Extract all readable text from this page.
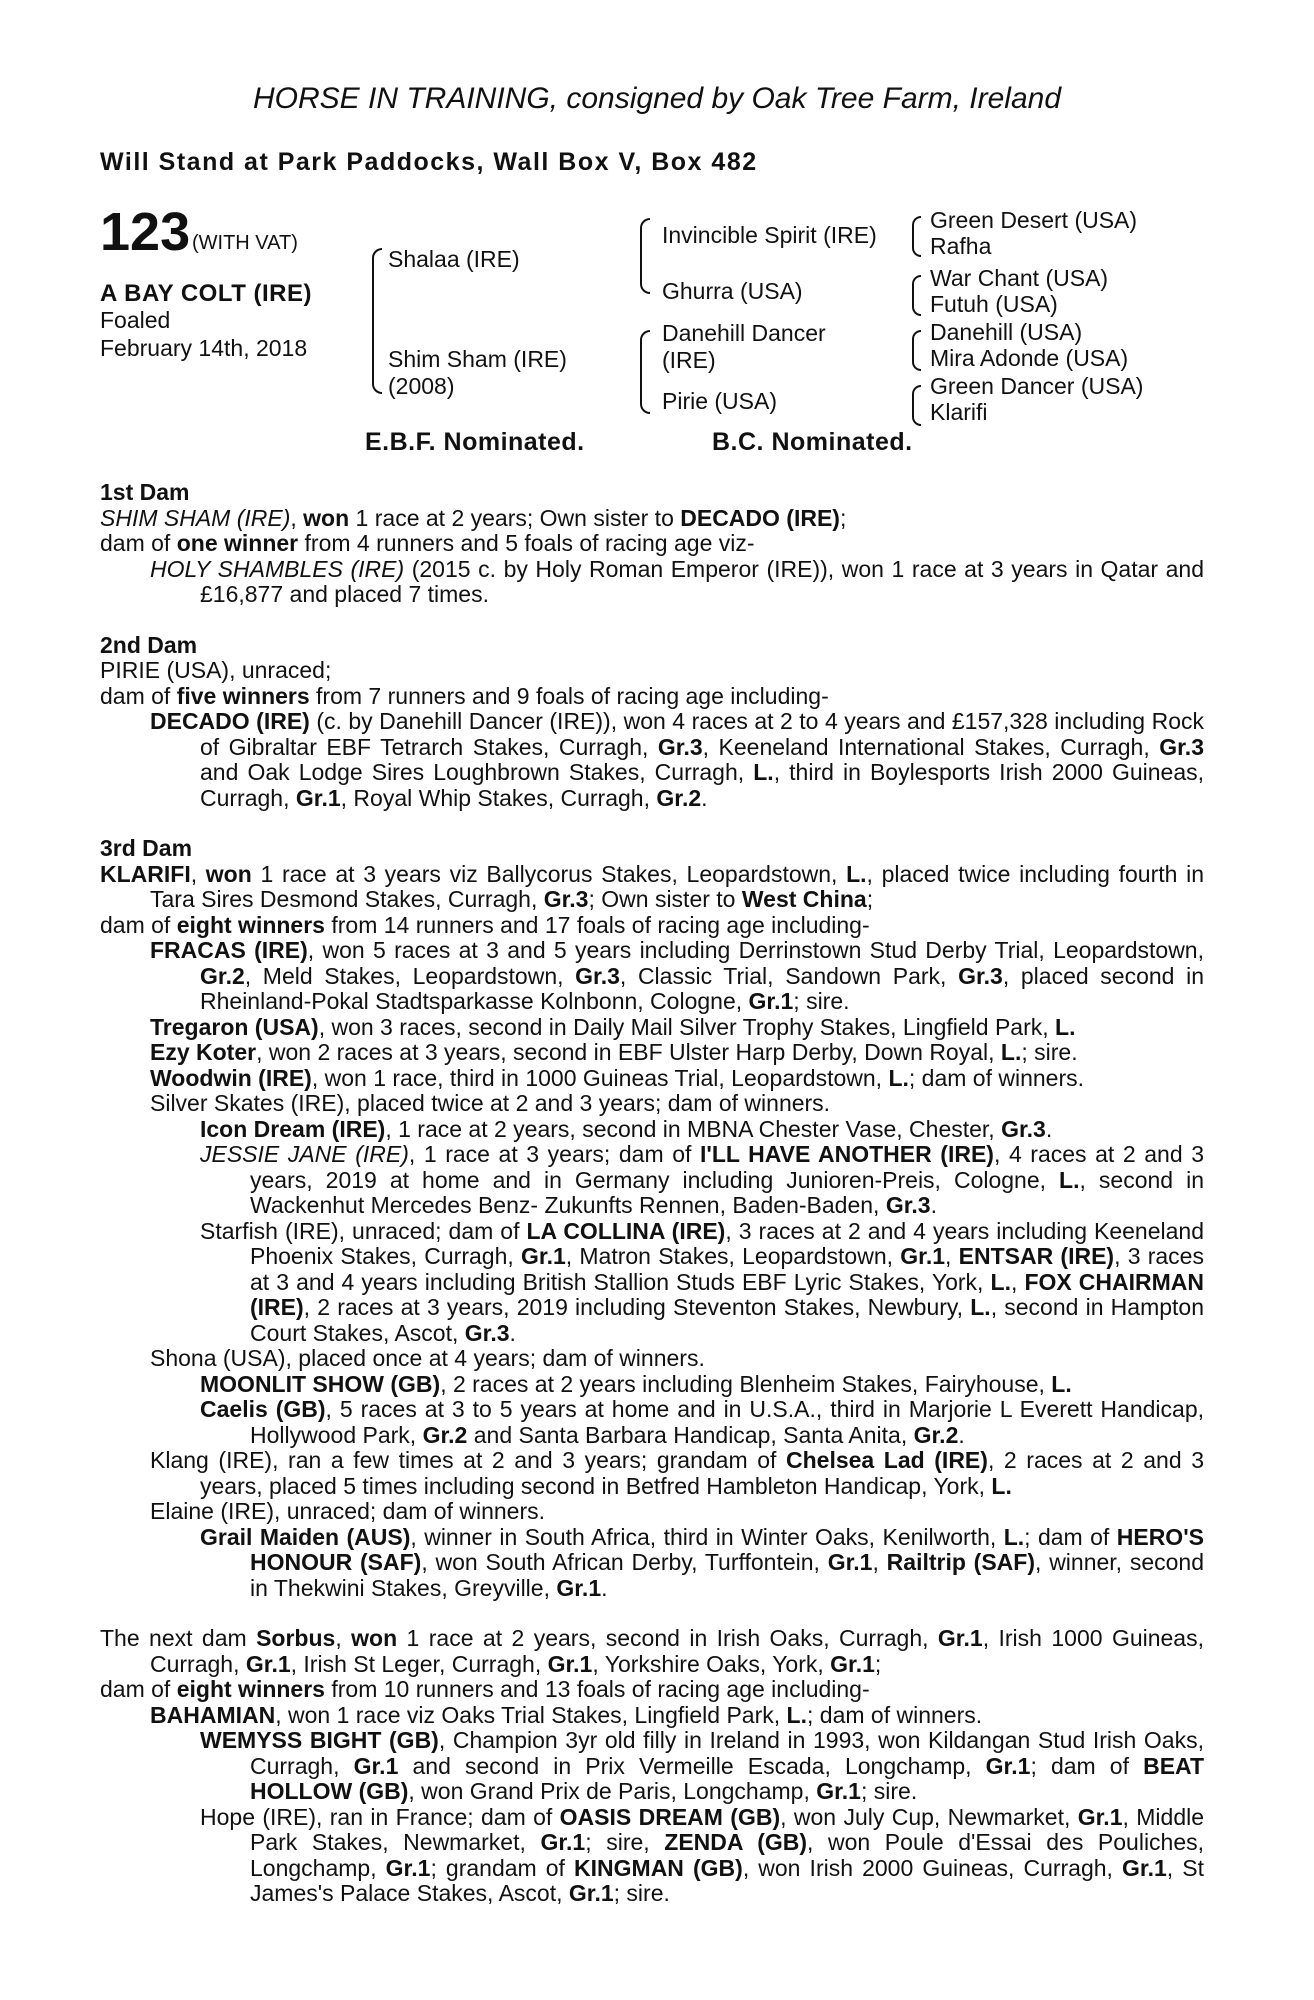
HORSE IN TRAINING, consigned by Oak Tree Farm, Ireland
Will Stand at Park Paddocks, Wall Box V, Box 482
123 (WITH VAT)
A BAY COLT (IRE)
Foaled
February 14th, 2018
Shalaa (IRE)
Shim Sham (IRE)
(2008)
Invincible Spirit (IRE)
Ghurra (USA)
Danehill Dancer
(IRE)
Pirie (USA)
Green Desert (USA)
Rafha
War Chant (USA)
Futuh (USA)
Danehill (USA)
Mira Adonde (USA)
Green Dancer (USA)
Klarifi
E.B.F. Nominated.	B.C. Nominated.

1st Dam

SHIM SHAM (IRE), won 1 race at 2 years; Own sister to DECADO (IRE);

dam of one winner from 4 runners and 5 foals of racing age viz-

HOLY SHAMBLES (IRE) (2015 c. by Holy Roman Emperor (IRE)), won 1 race at 3 years in Qatar and £16,877 and placed 7 times.

2nd Dam

PIRIE (USA), unraced;

dam of five winners from 7 runners and 9 foals of racing age including-

DECADO (IRE) (c. by Danehill Dancer (IRE)), won 4 races at 2 to 4 years and £157,328 including Rock of Gibraltar EBF Tetrarch Stakes, Curragh, Gr.3, Keeneland International Stakes, Curragh, Gr.3 and Oak Lodge Sires Loughbrown Stakes, Curragh, L., third in Boylesports Irish 2000 Guineas, Curragh, Gr.1, Royal Whip Stakes, Curragh, Gr.2.

3rd Dam

KLARIFI, won 1 race at 3 years viz Ballycorus Stakes, Leopardstown, L., placed twice including fourth in Tara Sires Desmond Stakes, Curragh, Gr.3; Own sister to West China;

dam of eight winners from 14 runners and 17 foals of racing age including-

FRACAS (IRE), won 5 races at 3 and 5 years including Derrinstown Stud Derby Trial, Leopardstown, Gr.2, Meld Stakes, Leopardstown, Gr.3, Classic Trial, Sandown Park, Gr.3, placed second in Rheinland-Pokal Stadtsparkasse Kolnbonn, Cologne, Gr.1; sire.

Tregaron (USA), won 3 races, second in Daily Mail Silver Trophy Stakes, Lingfield Park, L.

Ezy Koter, won 2 races at 3 years, second in EBF Ulster Harp Derby, Down Royal, L.; sire.

Woodwin (IRE), won 1 race, third in 1000 Guineas Trial, Leopardstown, L.; dam of winners.

Silver Skates (IRE), placed twice at 2 and 3 years; dam of winners.

Icon Dream (IRE), 1 race at 2 years, second in MBNA Chester Vase, Chester, Gr.3.

JESSIE JANE (IRE), 1 race at 3 years; dam of I'LL HAVE ANOTHER (IRE), 4 races at 2 and 3 years, 2019 at home and in Germany including Junioren-Preis, Cologne, L., second in Wackenhut Mercedes Benz- Zukunfts Rennen, Baden-Baden, Gr.3.

Starfish (IRE), unraced; dam of LA COLLINA (IRE), 3 races at 2 and 4 years including Keeneland Phoenix Stakes, Curragh, Gr.1, Matron Stakes, Leopardstown, Gr.1, ENTSAR (IRE), 3 races at 3 and 4 years including British Stallion Studs EBF Lyric Stakes, York, L., FOX CHAIRMAN (IRE), 2 races at 3 years, 2019 including Steventon Stakes, Newbury, L., second in Hampton Court Stakes, Ascot, Gr.3.

Shona (USA), placed once at 4 years; dam of winners.

MOONLIT SHOW (GB), 2 races at 2 years including Blenheim Stakes, Fairyhouse, L.

Caelis (GB), 5 races at 3 to 5 years at home and in U.S.A., third in Marjorie L Everett Handicap, Hollywood Park, Gr.2 and Santa Barbara Handicap, Santa Anita, Gr.2.

Klang (IRE), ran a few times at 2 and 3 years; grandam of Chelsea Lad (IRE), 2 races at 2 and 3 years, placed 5 times including second in Betfred Hambleton Handicap, York, L.

Elaine (IRE), unraced; dam of winners.

Grail Maiden (AUS), winner in South Africa, third in Winter Oaks, Kenilworth, L.; dam of HERO'S HONOUR (SAF), won South African Derby, Turffontein, Gr.1, Railtrip (SAF), winner, second in Thekwini Stakes, Greyville, Gr.1.

The next dam Sorbus, won 1 race at 2 years, second in Irish Oaks, Curragh, Gr.1, Irish 1000 Guineas, Curragh, Gr.1, Irish St Leger, Curragh, Gr.1, Yorkshire Oaks, York, Gr.1;

dam of eight winners from 10 runners and 13 foals of racing age including-

BAHAMIAN, won 1 race viz Oaks Trial Stakes, Lingfield Park, L.; dam of winners.

WEMYSS BIGHT (GB), Champion 3yr old filly in Ireland in 1993, won Kildangan Stud Irish Oaks, Curragh, Gr.1 and second in Prix Vermeille Escada, Longchamp, Gr.1; dam of BEAT HOLLOW (GB), won Grand Prix de Paris, Longchamp, Gr.1; sire.

Hope (IRE), ran in France; dam of OASIS DREAM (GB), won July Cup, Newmarket, Gr.1, Middle Park Stakes, Newmarket, Gr.1; sire, ZENDA (GB), won Poule d'Essai des Pouliches, Longchamp, Gr.1; grandam of KINGMAN (GB), won Irish 2000 Guineas, Curragh, Gr.1, St James's Palace Stakes, Ascot, Gr.1; sire.
